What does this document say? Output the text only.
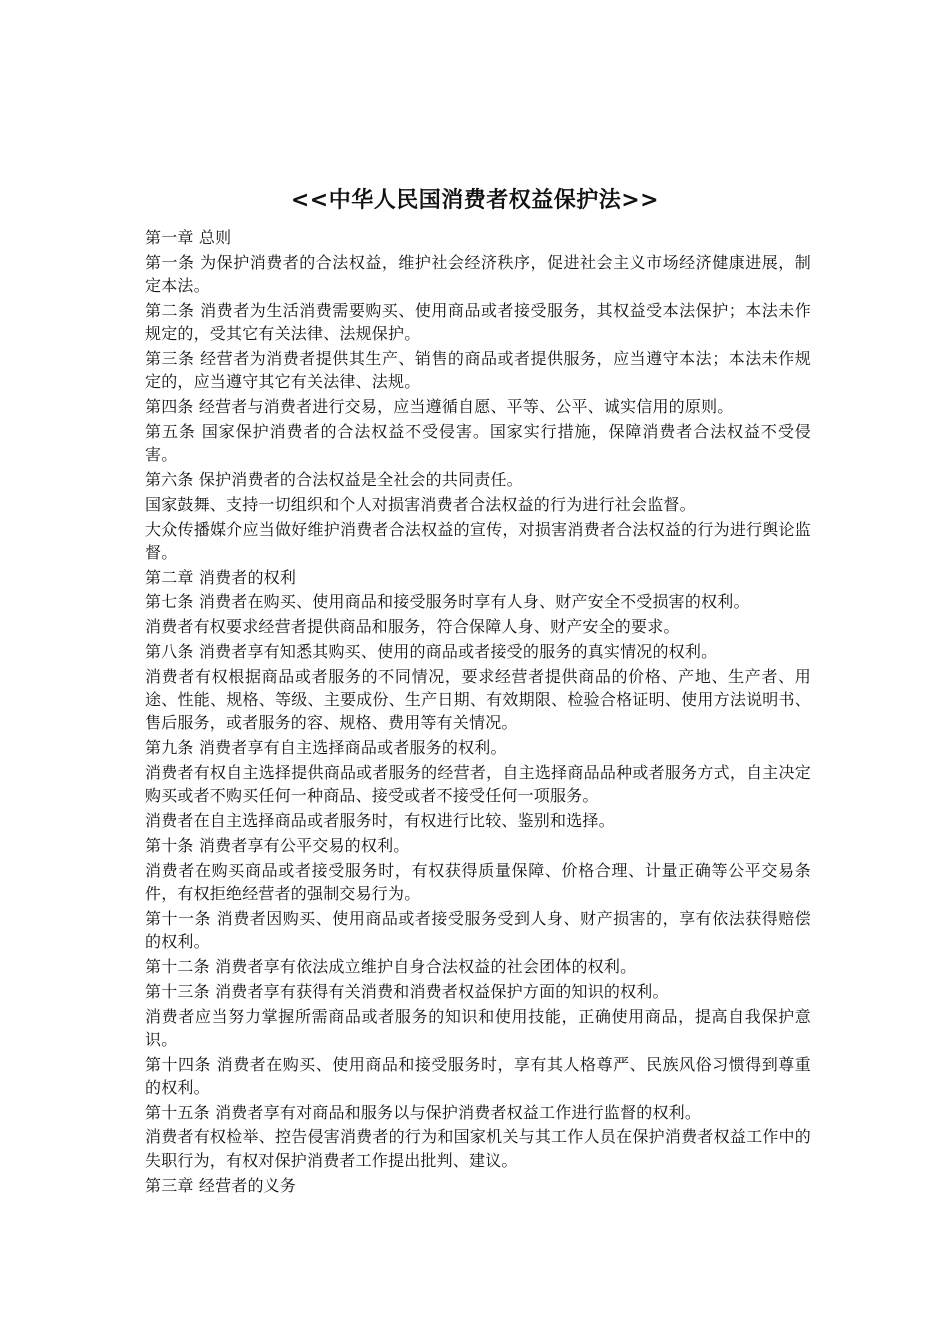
<<中华人民国消费者权益保护法>>

第一章 总则

第一条 为保护消费者的合法权益，维护社会经济秩序，促进社会主义市场经济健康进展，制定本法。

第二条 消费者为生活消费需要购买、使用商品或者接受服务，其权益受本法保护；本法未作规定的，受其它有关法律、法规保护。

第三条 经营者为消费者提供其生产、销售的商品或者提供服务，应当遵守本法；本法未作规定的，应当遵守其它有关法律、法规。

第四条 经营者与消费者进行交易，应当遵循自愿、平等、公平、诚实信用的原则。

第五条 国家保护消费者的合法权益不受侵害。国家实行措施，保障消费者合法权益不受侵害。

第六条 保护消费者的合法权益是全社会的共同责任。

国家鼓舞、支持一切组织和个人对损害消费者合法权益的行为进行社会监督。

大众传播媒介应当做好维护消费者合法权益的宣传，对损害消费者合法权益的行为进行舆论监督。

第二章 消费者的权利

第七条 消费者在购买、使用商品和接受服务时享有人身、财产安全不受损害的权利。

消费者有权要求经营者提供商品和服务，符合保障人身、财产安全的要求。

第八条 消费者享有知悉其购买、使用的商品或者接受的服务的真实情况的权利。

消费者有权根据商品或者服务的不同情况，要求经营者提供商品的价格、产地、生产者、用途、性能、规格、等级、主要成份、生产日期、有效期限、检验合格证明、使用方法说明书、售后服务，或者服务的容、规格、费用等有关情况。

第九条 消费者享有自主选择商品或者服务的权利。

消费者有权自主选择提供商品或者服务的经营者，自主选择商品品种或者服务方式，自主决定购买或者不购买任何一种商品、接受或者不接受任何一项服务。

消费者在自主选择商品或者服务时，有权进行比较、鉴别和选择。

第十条 消费者享有公平交易的权利。

消费者在购买商品或者接受服务时，有权获得质量保障、价格合理、计量正确等公平交易条件，有权拒绝经营者的强制交易行为。

第十一条 消费者因购买、使用商品或者接受服务受到人身、财产损害的，享有依法获得赔偿的权利。

第十二条 消费者享有依法成立维护自身合法权益的社会团体的权利。

第十三条 消费者享有获得有关消费和消费者权益保护方面的知识的权利。

消费者应当努力掌握所需商品或者服务的知识和使用技能，正确使用商品，提高自我保护意识。

第十四条 消费者在购买、使用商品和接受服务时，享有其人格尊严、民族风俗习惯得到尊重的权利。

第十五条 消费者享有对商品和服务以与保护消费者权益工作进行监督的权利。

消费者有权检举、控告侵害消费者的行为和国家机关与其工作人员在保护消费者权益工作中的失职行为，有权对保护消费者工作提出批判、建议。

第三章 经营者的义务
